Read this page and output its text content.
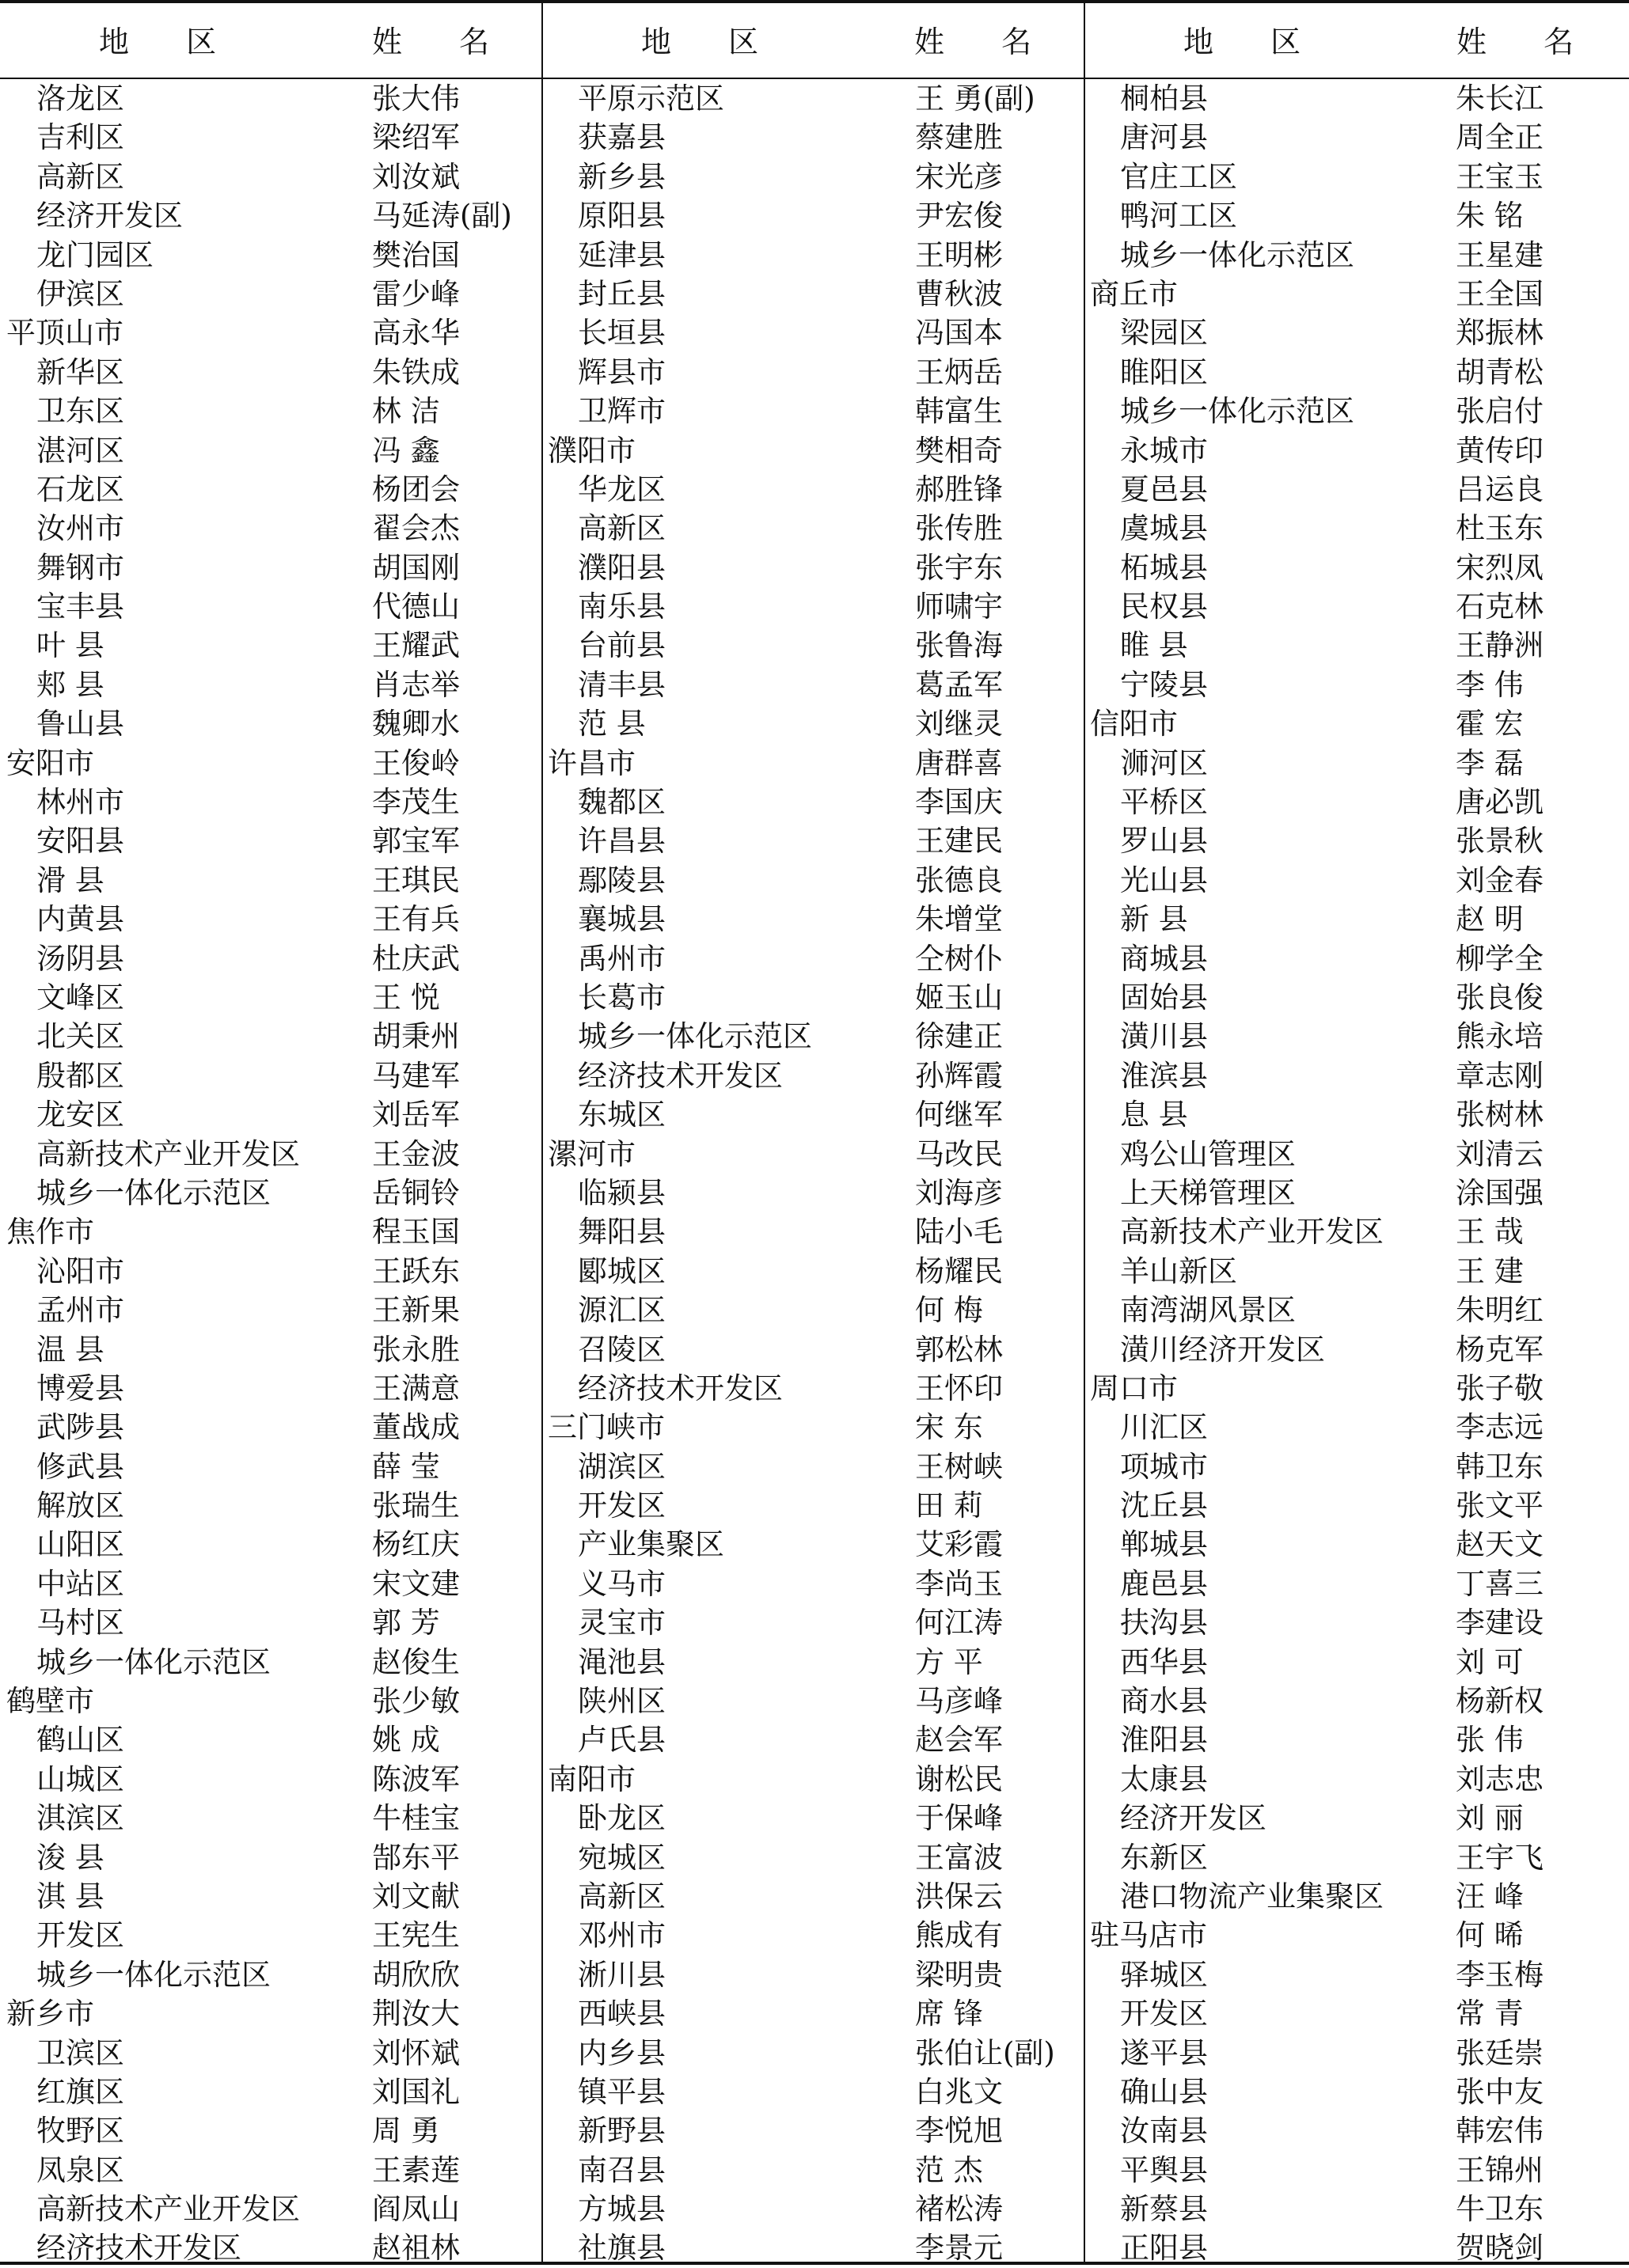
地 区	姓 名	地 区	姓 名	地 区	姓 名
洛龙区	张大伟
吉利区	梁绍军
高新区	刘汝斌
经济开发区	马延涛(副)
龙门园区	樊治国
伊滨区	雷少峰
平顶山市	高永华
新华区	朱铁成
卫东区	林 洁
湛河区	冯 鑫
石龙区	杨团会
汝州市	翟会杰
舞钢市	胡国刚
宝丰县	代德山
叶 县	王耀武
郏 县	肖志举
鲁山县	魏卿水
安阳市	王俊岭
林州市	李茂生
安阳县	郭宝军
滑 县	王琪民
内黄县	王有兵
汤阴县	杜庆武
文峰区	王 悦
北关区	胡秉州
殷都区	马建军
龙安区	刘岳军
高新技术产业开发区 王金波
城乡一体化示范区	岳铜铃
焦作市	程玉国
沁阳市	王跃东
孟州市	王新果
温 县	张永胜
博爱县	王满意
武陟县	董战成
修武县	薛 莹
解放区	张瑞生
山阳区	杨红庆
中站区	宋文建
马村区	郭 芳
城乡一体化示范区	赵俊生
鹤壁市	张少敏
鹤山区	姚 成
山城区	陈波军
淇滨区	牛桂宝
浚 县	郜东平
淇 县	刘文献
开发区	王宪生
城乡一体化示范区	胡欣欣
新乡市	荆汝大
卫滨区	刘怀斌
红旗区	刘国礼
牧野区	周 勇
凤泉区	王素莲
高新技术产业开发区 阎凤山
经济技术开发区	赵祖林
平原示范区	王 勇(副)
获嘉县	蔡建胜
新乡县	宋光彦
原阳县	尹宏俊
延津县	王明彬
封丘县	曹秋波
长垣县	冯国本
辉县市	王炳岳
卫辉市	韩富生
濮阳市	樊相奇
华龙区	郝胜锋
高新区	张传胜
濮阳县	张宇东
南乐县	师啸宇
台前县	张鲁海
清丰县	葛孟军
范 县	刘继灵
许昌市	唐群喜
魏都区	李国庆
许昌县	王建民
鄢陵县	张德良
襄城县	朱增堂
禹州市	仝树仆
长葛市	姬玉山
城乡一体化示范区	徐建正
经济技术开发区	孙辉霞
东城区	何继军
漯河市	马改民
临颍县	刘海彦
舞阳县	陆小毛
郾城区	杨耀民
源汇区	何 梅
召陵区	郭松林
经济技术开发区	王怀印
三门峡市	宋 东
湖滨区	王树峡
开发区	田 莉
产业集聚区	艾彩霞
义马市	李尚玉
灵宝市	何江涛
渑池县	方 平
陕州区	马彦峰
卢氏县	赵会军
南阳市	谢松民
卧龙区	于保峰
宛城区	王富波
高新区	洪保云
邓州市	熊成有
淅川县	梁明贵
西峡县	席 锋
内乡县	张伯让(副)
镇平县	白兆文
新野县	李悦旭
南召县	范 杰
方城县	褚松涛
社旗县	李景元
桐柏县	朱长江
唐河县	周全正
官庄工区	王宝玉
鸭河工区	朱 铭
城乡一体化示范区	王星建
商丘市	王全国
梁园区	郑振林
睢阳区	胡青松
城乡一体化示范区	张启付
永城市	黄传印
夏邑县	吕运良
虞城县	杜玉东
柘城县	宋烈凤
民权县	石克林
睢 县	王静洲
宁陵县	李 伟
信阳市	霍 宏
浉河区	李 磊
平桥区	唐必凯
罗山县	张景秋
光山县	刘金春
新 县	赵 明
商城县	柳学全
固始县	张良俊
潢川县	熊永培
淮滨县	章志刚
息 县	张树林
鸡公山管理区	刘清云
上天梯管理区	涂国强
高新技术产业开发区 王 哉
羊山新区	王 建
南湾湖风景区	朱明红
潢川经济开发区	杨克军
周口市	张子敬
川汇区	李志远
项城市	韩卫东
沈丘县	张文平
郸城县	赵天文
鹿邑县	丁喜三
扶沟县	李建设
西华县	刘 可
商水县	杨新权
淮阳县	张 伟
太康县	刘志忠
经济开发区	刘 丽
东新区	王宇飞
港口物流产业集聚区 汪 峰
驻马店市	何 晞
驿城区	李玉梅
开发区	常 青
遂平县	张廷崇
确山县	张中友
汝南县	韩宏伟
平舆县	王锦州
新蔡县	牛卫东
正阳县	贺晓剑
